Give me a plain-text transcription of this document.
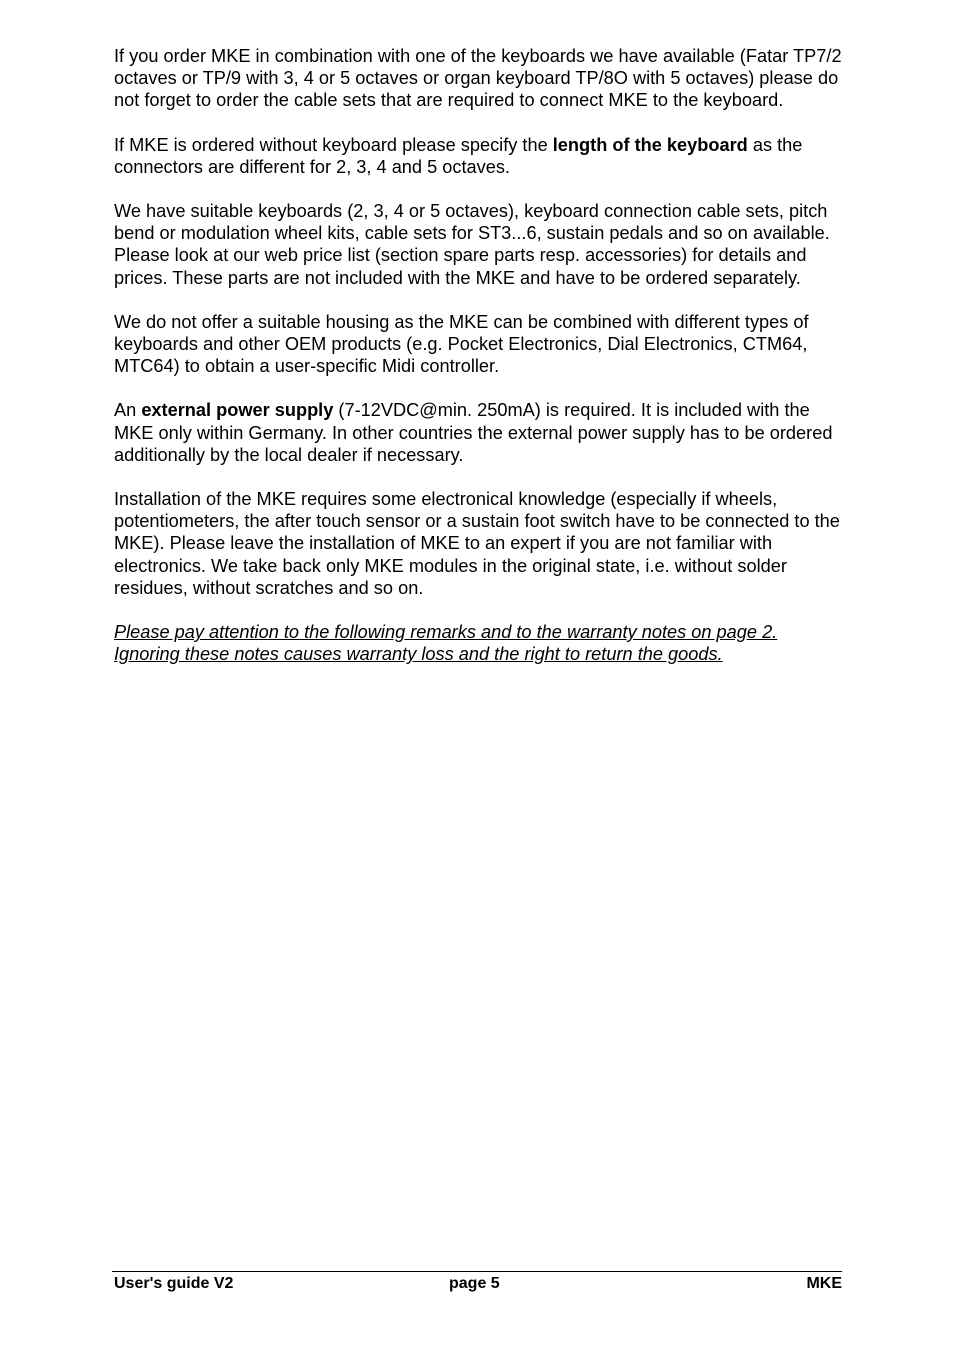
If you order MKE in combination with one of the keyboards we have available (Fatar TP7/2 octaves or TP/9 with 3, 4 or 5 octaves or organ keyboard TP/8O with 5 octaves) please do not forget to order the cable sets that are required to connect MKE to the keyboard.

If MKE is ordered without keyboard please specify the length of the keyboard as the connectors are different for 2, 3, 4 and 5 octaves.

We have suitable keyboards (2, 3, 4 or 5 octaves), keyboard connection cable sets, pitch bend or modulation wheel kits, cable sets for ST3...6, sustain pedals and so on available. Please look at our web price list (section spare parts resp. accessories) for details and prices. These parts are not included with the MKE and have to be ordered separately.

We do not offer a suitable housing as the MKE can be combined with different types of keyboards and other OEM products (e.g. Pocket Electronics, Dial Electronics, CTM64, MTC64) to obtain a user-specific Midi controller.

An external power supply (7-12VDC@min. 250mA) is required. It is included with the MKE only within Germany. In other countries the external power supply has to be ordered additionally by the local dealer if necessary.

Installation of the MKE requires some electronical knowledge (especially if wheels, potentiometers, the after touch sensor or a sustain foot switch have to be connected to the MKE). Please leave the installation of MKE to an expert if you are not familiar with electronics. We take back only MKE modules in the original state, i.e. without solder residues, without scratches and so on.

Please pay attention to the following remarks and to the warranty notes on page 2. Ignoring these notes causes warranty loss and the right to return the goods.

User's guide V2	page 5	MKE
